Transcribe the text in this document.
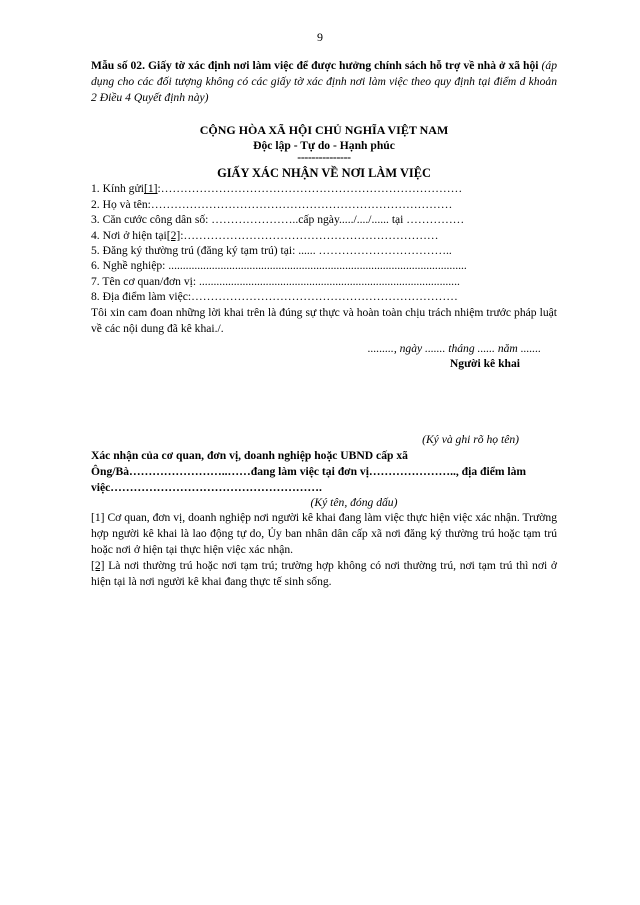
9

Mẫu số 02. Giấy tờ xác định nơi làm việc để được hưởng chính sách hỗ trợ về nhà ở xã hội (áp dụng cho các đối tượng không có các giấy tờ xác định nơi làm việc theo quy định tại điểm d khoản 2 Điều 4 Quyết định này)

CỘNG HÒA XÃ HỘI CHỦ NGHĨA VIỆT NAM
Độc lập - Tự do - Hạnh phúc
---------------
GIẤY XÁC NHẬN VỀ NƠI LÀM VIỆC
1. Kính gửi[1]:……………………………………………………………………
2. Họ và tên:……………………………………………………………………
3. Căn cước công dân số: …………………..cấp ngày...../..../...... tại ……………
4. Nơi ở hiện tại[2]:…………………………………………………………
5. Đăng ký thường trú (đăng ký tạm trú) tại: ...... ……………………………..
6. Nghề nghiệp: .......................................................................................................
7. Tên cơ quan/đơn vị: ..........................................................................................
8. Địa điểm làm việc:……………………………………………………………
Tôi xin cam đoan những lời khai trên là đúng sự thực và hoàn toàn chịu trách nhiệm trước pháp luật về các nội dung đã kê khai./.
........., ngày ....... tháng ...... năm .......
Người kê khai
(Ký và ghi rõ họ tên)
Xác nhận của cơ quan, đơn vị, doanh nghiệp hoặc UBND cấp xã
Ông/Bà……………………..……đang làm việc tại đơn vị………………….., địa điểm làm
việc……………………………………………….
(Ký tên, đóng dấu)
[1] Cơ quan, đơn vị, doanh nghiệp nơi người kê khai đang làm việc thực hiện việc xác nhận. Trường hợp người kê khai là lao động tự do, Ủy ban nhân dân cấp xã nơi đăng ký thường trú hoặc tạm trú hoặc nơi ở hiện tại thực hiện việc xác nhận.
[2] Là nơi thường trú hoặc nơi tạm trú; trường hợp không có nơi thường trú, nơi tạm trú thì nơi ở hiện tại là nơi người kê khai đang thực tế sinh sống.
